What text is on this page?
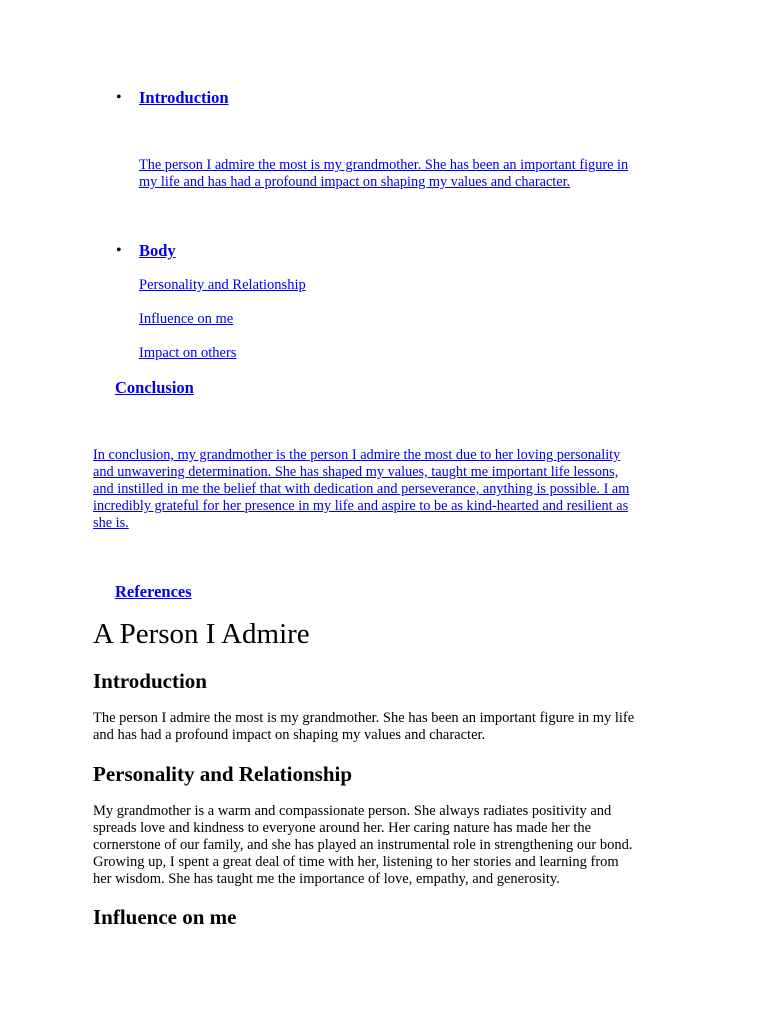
• Introduction
The person I admire the most is my grandmother. She has been an important figure in
my life and has had a profound impact on shaping my values and character.
• Body
Personality and Relationship
Influence on me
Impact on others
Conclusion
In conclusion, my grandmother is the person I admire the most due to her loving personality
and unwavering determination. She has shaped my values, taught me important life lessons,
and instilled in me the belief that with dedication and perseverance, anything is possible. I am
incredibly grateful for her presence in my life and aspire to be as kind-hearted and resilient as
she is.
References
A Person I Admire
Introduction

The person I admire the most is my grandmother. She has been an important figure in my life
and has had a profound impact on shaping my values and character.

Personality and Relationship

My grandmother is a warm and compassionate person. She always radiates positivity and
spreads love and kindness to everyone around her. Her caring nature has made her the
cornerstone of our family, and she has played an instrumental role in strengthening our bond.
Growing up, I spent a great deal of time with her, listening to her stories and learning from
her wisdom. She has taught me the importance of love, empathy, and generosity.

Influence on me
